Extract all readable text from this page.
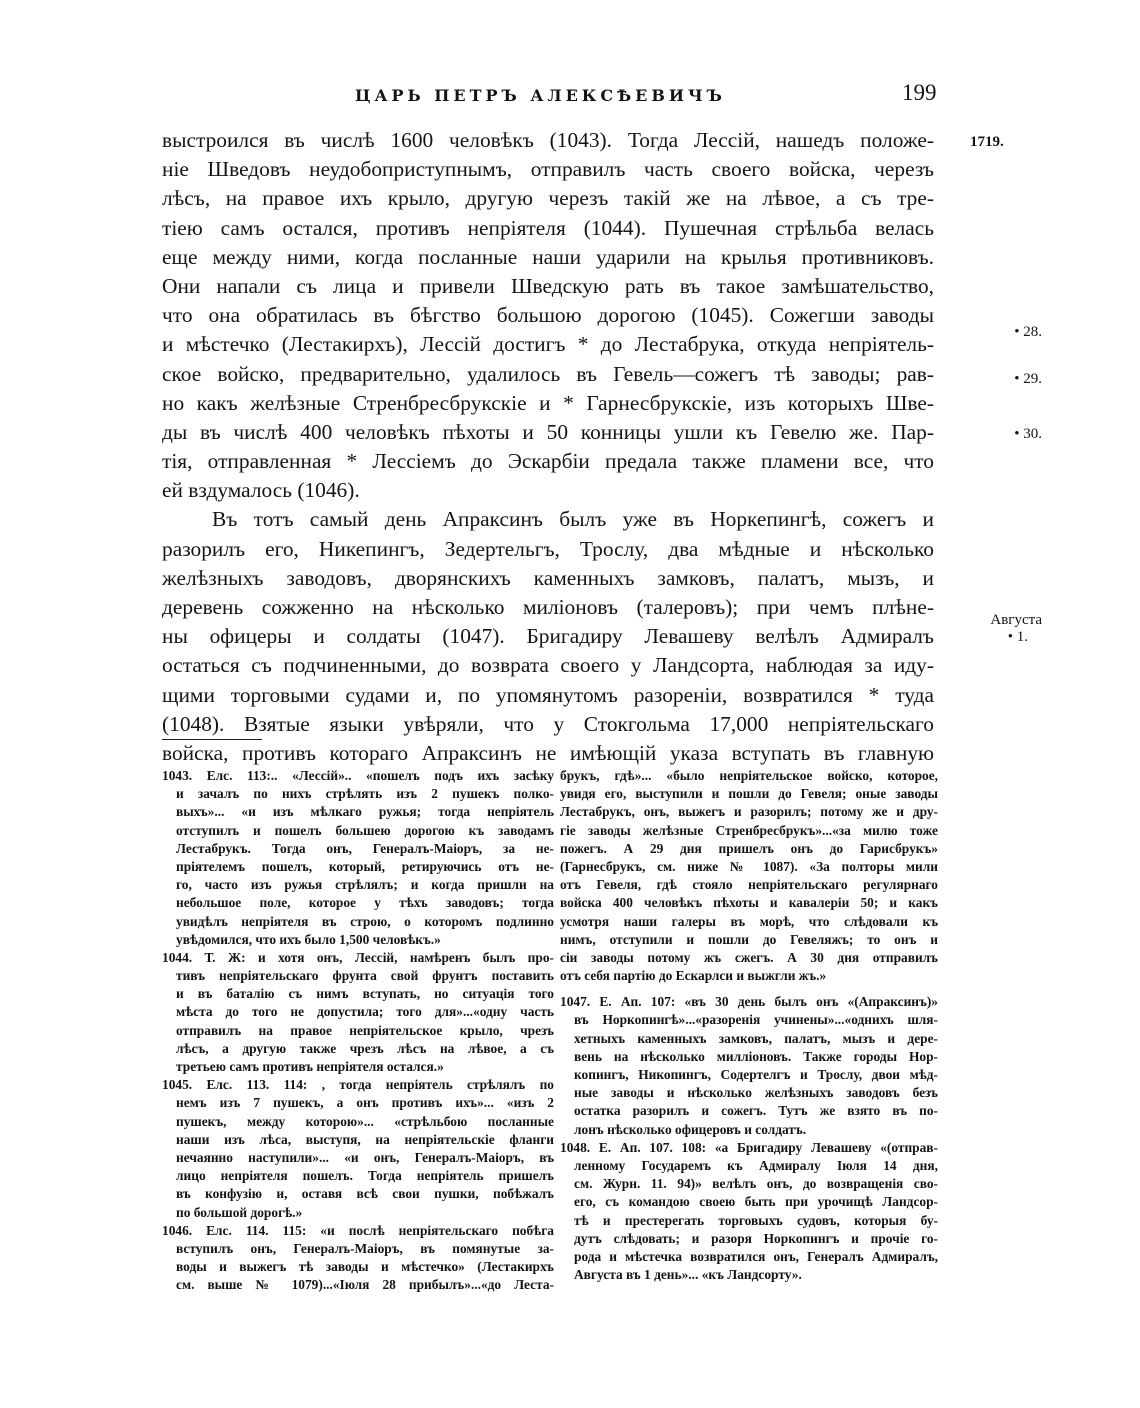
ЦАРЬ ПЕТРЪ АЛЕКСѢЕВИЧЪ	199
выстроился въ числѣ 1600 человѣкъ (1043). Тогда Лессій, нашедъ положе-
ніе Шведовъ неудобоприступнымъ, отправилъ часть своего войска, черезъ
лѣсъ, на правое ихъ крыло, другую черезъ такій же на лѣвое, а съ тре-
тіею самъ остался, противъ непріятеля (1044). Пушечная стрѣльба велась
еще между ними, когда посланные наши ударили на крылья противниковъ.
Они напали съ лица и привели Шведскую рать въ такое замѣшательство,
что она обратилась въ бѣгство большою дорогою (1045). Сожегши заводы
и мѣстечко (Лестакирхъ), Лессій достигъ * до Лестабрука, откуда непріятель-
ское войско, предварительно, удалилось въ Гевель—сожегъ тѣ заводы; рав-
но какъ желѣзные Стренбресбрукскіе и * Гарнесбрукскіе, изъ которыхъ Шве-
ды въ числѣ 400 человѣкъ пѣхоты и 50 конницы ушли къ Гевелю же. Пар-
тія, отправленная * Лессіемъ до Эскарбіи предала также пламени все, что
ей вздумалось (1046).
Въ тотъ самый день Апраксинъ былъ уже въ Норкепингѣ, сожегъ и
разорилъ его, Никепингъ, Зедертельгъ, Трослу, два мѣдные и нѣсколько
желѣзныхъ заводовъ, дворянскихъ каменныхъ замковъ, палатъ, мызъ, и
деревень сожженно на нѣсколько миліоновъ (талеровъ); при чемъ плѣне-
ны офицеры и солдаты (1047). Бригадиру Левашеву велѣлъ Адмиралъ
остаться съ подчиненными, до возврата своего у Ландсорта, наблюдая за иду-
щими торговыми судами и, по упомянутомъ разореніи, возвратился * туда
(1048). Взятые языки увѣряли, что у Стокгольма 17,000 непріятельскаго
войска, противъ котораго Апраксинъ не имѣющій указа вступать въ главную
1719.
• 28.
• 29.
• 30.
Августа
• 1.
1043. Елс. 113:.. «Лессій».. «пошелъ подъ ихъ засѣку
и зачалъ по нихъ стрѣлять изъ 2 пушекъ полко-
выхъ»... «и изъ мѣлкаго ружья; тогда непріятель
отступилъ и пошелъ большею дорогою къ заводамъ
Лестабрукъ. Тогда онъ, Генералъ-Маіоръ, за не-
пріятелемъ пошелъ, который, ретируючись отъ не-
го, часто изъ ружья стрѣлялъ; и когда пришли на
небольшое поле, которое у тѣхъ заводовъ; тогда
увидѣлъ непріятеля въ строю, о которомъ подлинно
увѣдомился, что ихъ было 1,500 человѣкъ.»
1044. Т. Ж: и хотя онъ, Лессій, намѣренъ былъ про-
тивъ непріятельскаго фрунта свой фрунтъ поставить
и въ баталію съ нимъ вступать, но ситуація того
мѣста до того не допустила; того для»...«одну часть
отправилъ на правое непріятельское крыло, чрезъ
лѣсъ, а другую также чрезъ лѣсъ на лѣвое, а съ
третьею самъ противъ непріятеля остался.»
1045. Елс. 113. 114: , тогда непріятель стрѣлялъ по
немъ изъ 7 пушекъ, а онъ противъ ихъ»... «изъ 2
пушекъ, между которою»... «стрѣльбою посланные
наши изъ лѣса, выступя, на непріятельскіе фланги
нечаянно наступили»... «и онъ, Генералъ-Маіоръ, въ
лицо непріятеля пошелъ. Тогда непріятель пришелъ
въ конфузію и, оставя всѣ свои пушки, побѣжалъ
по большой дорогѣ.»
1046. Елс. 114. 115: «и послѣ непріятельскаго побѣга
вступилъ онъ, Генералъ-Маіоръ, въ помянутые за-
воды и выжегъ тѣ заводы и мѣстечко» (Лестакирхъ
см. выше № 1079)...«Іюля 28 прибылъ»...«до Леста-
брукъ, гдѣ»... «было непріятельское войско, которое,
увидя его, выступили и пошли до Гевеля; оные заводы
Лестабрукъ, онъ, выжегъ и разорилъ; потому же и дру-
гіе заводы желѣзные Стренбресбрукъ»...«за милю тоже
пожегъ. А 29 дня пришелъ онъ до Гарисбрукъ»
(Гарнесбрукъ, см. ниже № 1087). «За полторы мили
отъ Гевеля, гдѣ стояло непріятельскаго регулярнаго
войска 400 человѣкъ пѣхоты и кавалеріи 50; и какъ
усмотря наши галеры въ морѣ, что слѣдовали къ
нимъ, отступили и пошли до Гевеляжъ; то онъ и
сіи заводы потому жъ сжегъ. А 30 дня отправилъ
отъ себя партію до Ескарлси и выжгли жъ.»
1047. Е. Ап. 107: «въ 30 день былъ онъ «(Апраксинъ)»
въ Норкопингѣ»...«разоренія учинены»...«однихъ шля-
хетныхъ каменныхъ замковъ, палатъ, мызъ и дере-
вень на нѣсколько милліоновъ. Также городы Нор-
копингъ, Никопингъ, Содертелгъ и Трослу, двои мѣд-
ные заводы и нѣсколько желѣзныхъ заводовъ безъ
остатка разорилъ и сожегъ. Тутъ же взято въ по-
лонъ нѣсколько офицеровъ и солдатъ.
1048. Е. Ап. 107. 108: «а Бригадиру Левашеву «(отправ-
ленному Государемъ къ Адмиралу Іюля 14 дня,
см. Журн. 11. 94)» велѣлъ онъ, до возвращенія сво-
его, съ командою своею быть при урочищѣ Ландсор-
тѣ и престерегать торговыхъ судовъ, которыя бу-
дутъ слѣдовать; и разоря Норкопингъ и прочіе го-
рода и мѣстечка возвратился онъ, Генералъ Адмиралъ,
Августа въ 1 день»... «къ Ландсорту».
